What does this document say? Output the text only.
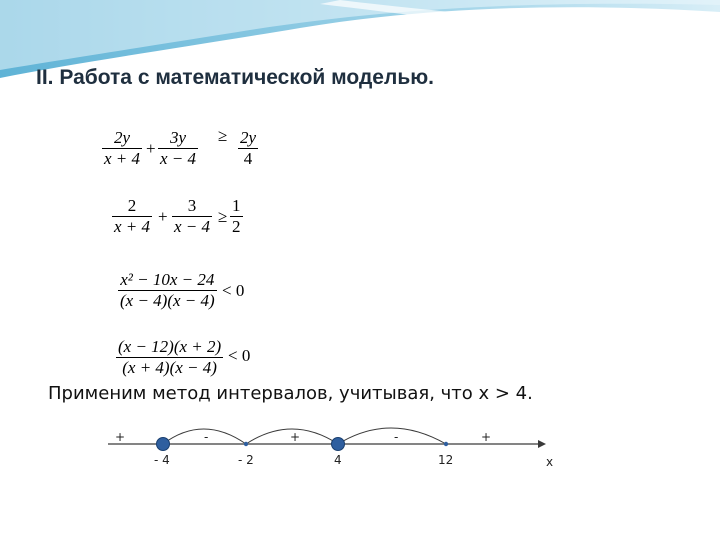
II. Работа с математической моделью.
$\frac{2y}{x + 4} + \frac{3y}{x - 4} \ge \frac{2y}{4}$
$\frac{2}{x + 4} + \frac{3}{x - 4} \ge \frac{1}{2}$
$\frac{\text{x² − 10x − 24}}{(x - 4)(x - 4)} < 0$
$\frac{(x - 12)(x + 2)}{(x + 4)(x - 4)} < 0$
Применим метод интервалов, учитывая, что х > 4.
+	-	+	-	+
- 4	- 2	4	12	x
